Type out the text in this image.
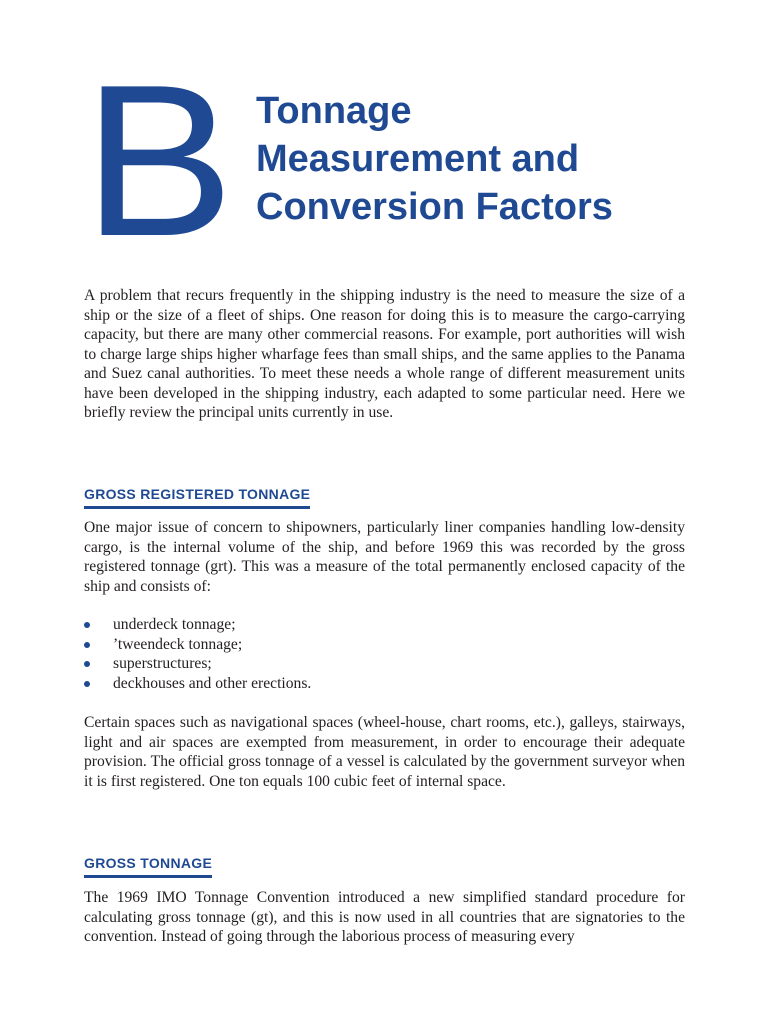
B Tonnage
Measurement and
Conversion Factors

A problem that recurs frequently in the shipping industry is the need to measure the size of a ship or the size of a fleet of ships. One reason for doing this is to measure the cargo-carrying capacity, but there are many other commercial reasons. For example, port authorities will wish to charge large ships higher wharfage fees than small ships, and the same applies to the Panama and Suez canal authorities. To meet these needs a whole range of different measurement units have been developed in the shipping industry, each adapted to some particular need. Here we briefly review the principal units currently in use.

GROSS REGISTERED TONNAGE

One major issue of concern to shipowners, particularly liner companies handling low-density cargo, is the internal volume of the ship, and before 1969 this was recorded by the gross registered tonnage (grt). This was a measure of the total permanently enclosed capacity of the ship and consists of:

underdeck tonnage;
’tweendeck tonnage;
superstructures;
deckhouses and other erections.

Certain spaces such as navigational spaces (wheel-house, chart rooms, etc.), galleys, stairways, light and air spaces are exempted from measurement, in order to encourage their adequate provision. The official gross tonnage of a vessel is calculated by the government surveyor when it is first registered. One ton equals 100 cubic feet of internal space.

GROSS TONNAGE

The 1969 IMO Tonnage Convention introduced a new simplified standard procedure for calculating gross tonnage (gt), and this is now used in all countries that are signatories to the convention. Instead of going through the laborious process of measuring every
